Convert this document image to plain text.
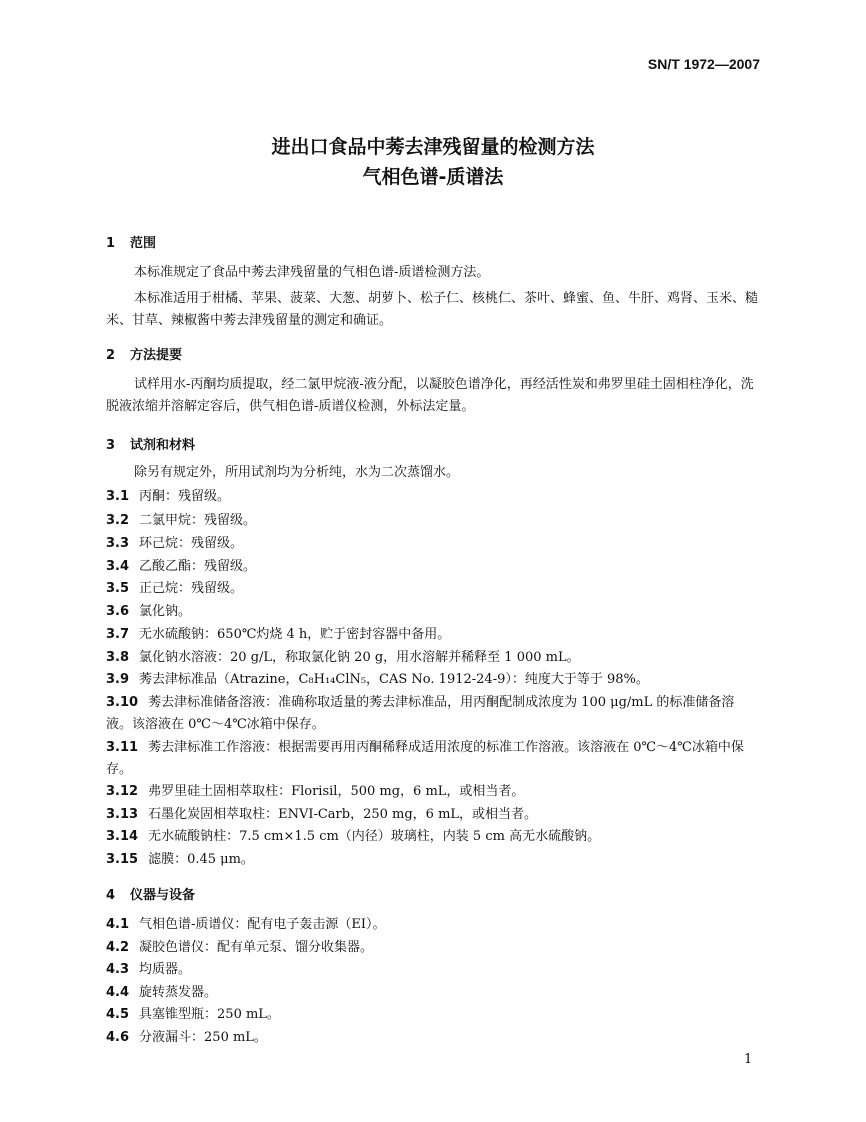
SN/T 1972—2007
进出口食品中莠去津残留量的检测方法
气相色谱-质谱法
1 范围
本标准规定了食品中莠去津残留量的气相色谱-质谱检测方法。
本标准适用于柑橘、苹果、菠菜、大葱、胡萝卜、松子仁、核桃仁、茶叶、蜂蜜、鱼、牛肝、鸡肾、玉米、糙米、甘草、辣椒酱中莠去津残留量的测定和确证。
2 方法提要
试样用水-丙酮均质提取，经二氯甲烷液-液分配，以凝胶色谱净化，再经活性炭和弗罗里硅土固相柱净化，洗脱液浓缩并溶解定容后，供气相色谱-质谱仪检测，外标法定量。
3 试剂和材料
除另有规定外，所用试剂均为分析纯，水为二次蒸馏水。
3.1 丙酮：残留级。
3.2 二氯甲烷：残留级。
3.3 环己烷：残留级。
3.4 乙酸乙酯：残留级。
3.5 正己烷：残留级。
3.6 氯化钠。
3.7 无水硫酸钠：650℃灼烧 4 h，贮于密封容器中备用。
3.8 氯化钠水溶液：20 g/L，称取氯化钠 20 g，用水溶解并稀释至 1 000 mL。
3.9 莠去津标准品（Atrazine，C₈H₁₄ClN₅，CAS No. 1912-24-9）：纯度大于等于 98%。
3.10 莠去津标准储备溶液：准确称取适量的莠去津标准品，用丙酮配制成浓度为 100 μg/mL 的标准储备溶液。该溶液在 0℃～4℃冰箱中保存。
3.11 莠去津标准工作溶液：根据需要再用丙酮稀释成适用浓度的标准工作溶液。该溶液在 0℃～4℃冰箱中保存。
3.12 弗罗里硅土固相萃取柱：Florisil，500 mg，6 mL，或相当者。
3.13 石墨化炭固相萃取柱：ENVI-Carb，250 mg，6 mL，或相当者。
3.14 无水硫酸钠柱：7.5 cm×1.5 cm（内径）玻璃柱，内装 5 cm 高无水硫酸钠。
3.15 滤膜：0.45 μm。
4 仪器与设备
4.1 气相色谱-质谱仪：配有电子轰击源（EI）。
4.2 凝胶色谱仪：配有单元泵、馏分收集器。
4.3 均质器。
4.4 旋转蒸发器。
4.5 具塞锥型瓶：250 mL。
4.6 分液漏斗：250 mL。
1
